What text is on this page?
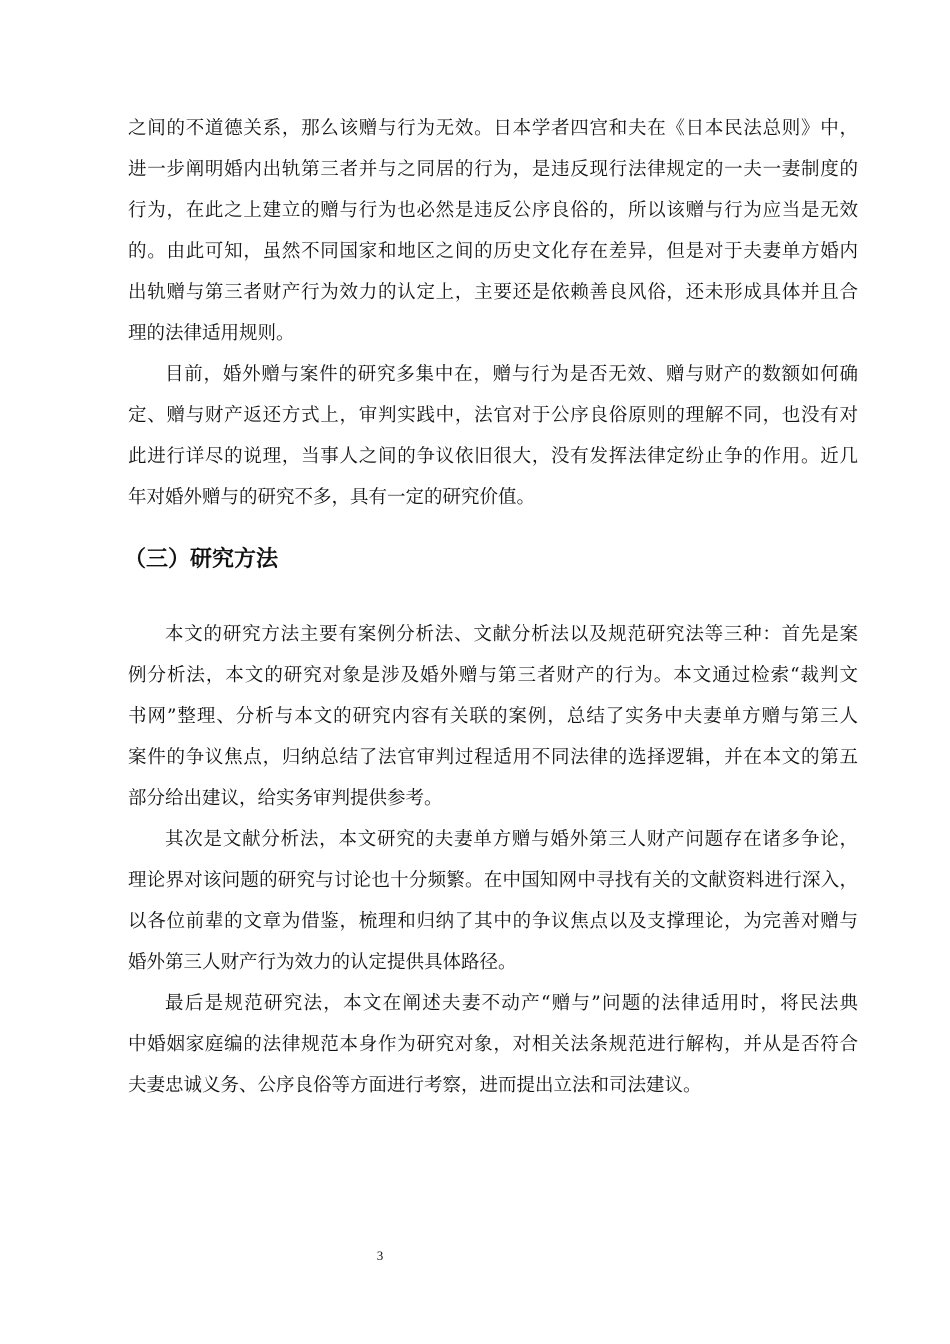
之间的不道德关系，那么该赠与行为无效。日本学者四宫和夫在《日本民法总则》中，
进一步阐明婚内出轨第三者并与之同居的行为，是违反现行法律规定的一夫一妻制度的
行为，在此之上建立的赠与行为也必然是违反公序良俗的，所以该赠与行为应当是无效
的。由此可知，虽然不同国家和地区之间的历史文化存在差异，但是对于夫妻单方婚内
出轨赠与第三者财产行为效力的认定上，主要还是依赖善良风俗，还未形成具体并且合
理的法律适用规则。
目前，婚外赠与案件的研究多集中在，赠与行为是否无效、赠与财产的数额如何确
定、赠与财产返还方式上，审判实践中，法官对于公序良俗原则的理解不同，也没有对
此进行详尽的说理，当事人之间的争议依旧很大，没有发挥法律定纷止争的作用。近几
年对婚外赠与的研究不多，具有一定的研究价值。
（三）研究方法
本文的研究方法主要有案例分析法、文献分析法以及规范研究法等三种：首先是案
例分析法，本文的研究对象是涉及婚外赠与第三者财产的行为。本文通过检索“裁判文
书网”整理、分析与本文的研究内容有关联的案例，总结了实务中夫妻单方赠与第三人
案件的争议焦点，归纳总结了法官审判过程适用不同法律的选择逻辑，并在本文的第五
部分给出建议，给实务审判提供参考。
其次是文献分析法，本文研究的夫妻单方赠与婚外第三人财产问题存在诸多争论，
理论界对该问题的研究与讨论也十分频繁。在中国知网中寻找有关的文献资料进行深入，
以各位前辈的文章为借鉴，梳理和归纳了其中的争议焦点以及支撑理论，为完善对赠与
婚外第三人财产行为效力的认定提供具体路径。
最后是规范研究法，本文在阐述夫妻不动产“赠与”问题的法律适用时，将民法典
中婚姻家庭编的法律规范本身作为研究对象，对相关法条规范进行解构，并从是否符合
夫妻忠诚义务、公序良俗等方面进行考察，进而提出立法和司法建议。
3
